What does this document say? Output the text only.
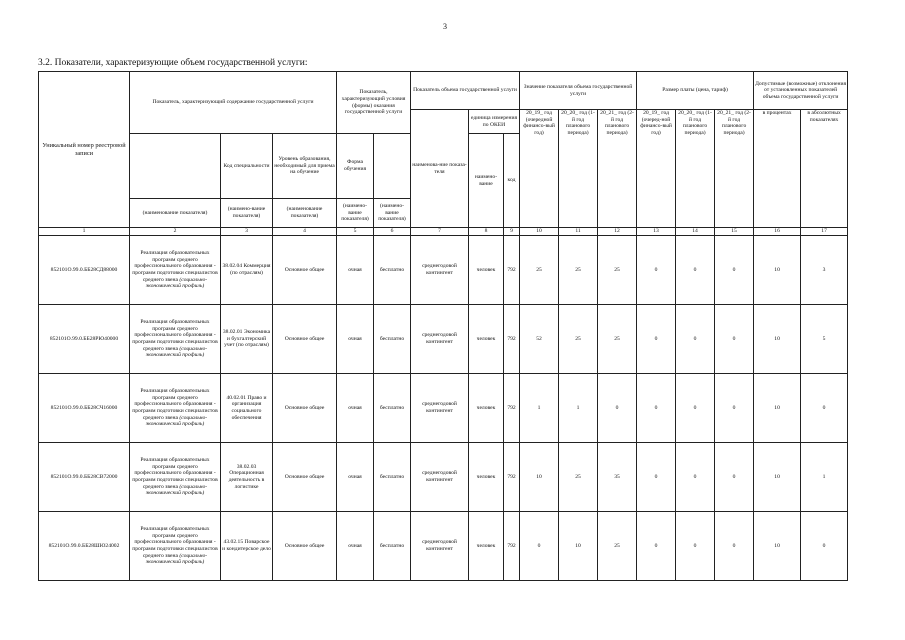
3
3.2. Показатели, характеризующие объем государственной услуги:
Уникальный номер реестровой записи	Показатель, характеризующий содержание государственной услуги			Показатель, характеризующий условия (формы) оказания государственной услуги		Показатель объема государственной услуги			Значение показателя объема государственной услуги			Размер платы (цена, тариф)			Допустимые (возможные) отклонения от установленных показателей объема государственной услуги	
						наименова-ние показа-теля	единица измерения по ОКЕИ		20_19_ год (очередной финансо-вый год)	20_20_ год (1-й год планового периода)	20_21_ год (2-й год планового периода)	20_19_ год (очеред-ной финансо-вый год)	20_20_ год (1-й год планового периода)	20_21_ год (2-й год планового периода)	в процентах	в абсолютных показателях
		Код специальности	Уровень образования, необходимый для приема на обучение	Форма обучения			наимено-вание	код								
	(наименование показателя)	(наимено-вание показателя)	(наименование показателя)	(наимено-вание показателя)	(наимено-вание показателя)											
1	2	3	4	5	6	7	8	9	10	11	12	13	14	15	16	17
852101О.99.0.ББ28СД88000	Реализация образовательных программ среднего профессионального образования - программ подготовки специалистов среднего звена (социально-экономический профиль)	38.02.04 Коммерция (по отраслям)	Основное общее	очная	бесплатно	среднегодовой контингент	человек	792	25	25	25	0	0	0	10	3
852101О.99.0.ББ28РЮ40000	Реализация образовательных программ среднего профессионального образования - программ подготовки специалистов среднего звена (социально-экономический профиль)	38.02.01 Экономика и бухгалтерский учет (по отраслям)	Основное общее	очная	бесплатно	среднегодовой контингент	человек	792	52	25	25	0	0	0	10	5
852101О.99.0.ББ28СЧ16000	Реализация образовательных программ среднего профессионального образования - программ подготовки специалистов среднего звена (социально-экономический профиль)	40.02.01 Право и организация социального обеспечения	Основное общее	очная	бесплатно	среднегодовой контингент	человек	792	1	1	0	0	0	0	10	0
852101О.99.0.ББ28СВ72000	Реализация образовательных программ среднего профессионального образования - программ подготовки специалистов среднего звена (социально-экономический профиль)	38.02.03 Операционная деятельность в логистике	Основное общее	очная	бесплатно	среднегодовой контингент	человек	792	10	25	35	0	0	0	10	1
852101О.99.0.ББ28ШЮ24002	Реализация образовательных программ среднего профессионального образования - программ подготовки специалистов среднего звена (социально-экономический профиль)	43.02.15 Поварское и кондитерское дело	Основное общее	очная	бесплатно	среднегодовой контингент	человек	792	0	10	25	0	0	0	10	0
